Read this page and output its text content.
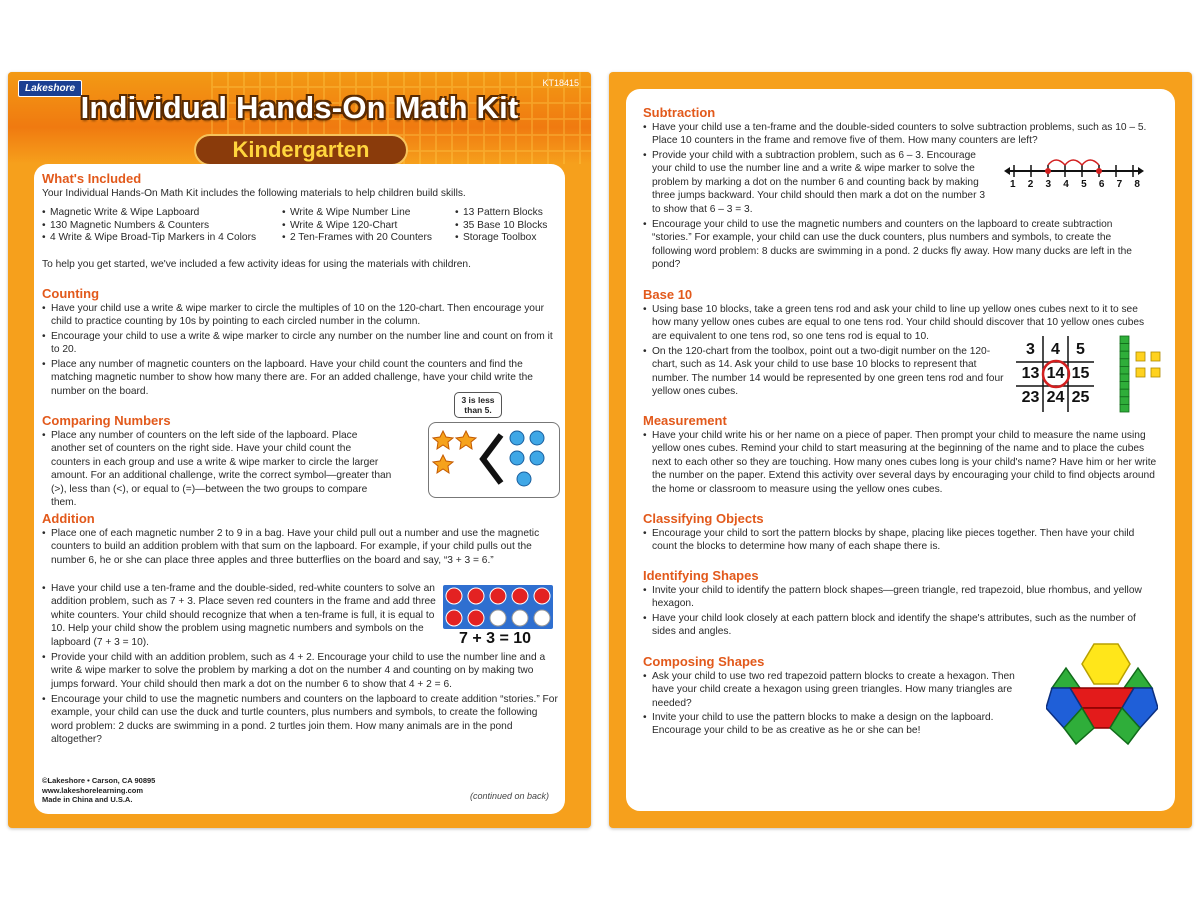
Lakeshore	KT18415
Individual Hands-On Math Kit
Kindergarten
What's Included
Your Individual Hands-On Math Kit includes the following materials to help children build skills.
• Magnetic Write & Wipe Lapboard
• 130 Magnetic Numbers & Counters
• 4 Write & Wipe Broad-Tip Markers in 4 Colors
• Write & Wipe Number Line
• Write & Wipe 120-Chart
• 2 Ten-Frames with 20 Counters
• 13 Pattern Blocks
• 35 Base 10 Blocks
• Storage Toolbox
To help you get started, we've included a few activity ideas for using the materials with children.
Counting
• Have your child use a write & wipe marker to circle the multiples of 10 on the 120-chart. Then encourage your child to practice counting by 10s by pointing to each circled number in the column.
• Encourage your child to use a write & wipe marker to circle any number on the number line and count on from it to 20.
• Place any number of magnetic counters on the lapboard. Have your child count the counters and find the matching magnetic number to show how many there are. For an added challenge, have your child write the number on the board.
Comparing Numbers
• Place any number of counters on the left side of the lapboard. Place another set of counters on the right side. Have your child count the counters in each group and use a write & wipe marker to circle the larger amount. For an additional challenge, write the correct symbol—greater than (>), less than (<), or equal to (=)—between the two groups to compare them.
3 is less than 5.
Addition
• Place one of each magnetic number 2 to 9 in a bag. Have your child pull out a number and use the magnetic counters to build an addition problem with that sum on the lapboard. For example, if your child pulls out the number 6, he or she can place three apples and three butterflies on the board and say, “3 + 3 = 6.”
• Have your child use a ten-frame and the double-sided, red-white counters to solve an addition problem, such as 7 + 3. Place seven red counters in the frame and add three white counters. Your child should recognize that when a ten-frame is full, it is equal to 10. Help your child show the problem using magnetic numbers and symbols on the lapboard (7 + 3 = 10).
• Provide your child with an addition problem, such as 4 + 2. Encourage your child to use the number line and a write & wipe marker to solve the problem by marking a dot on the number 4 and counting on by making two jumps forward. Your child should then mark a dot on the number 6 to show that 4 + 2 = 6.
• Encourage your child to use the magnetic numbers and counters on the lapboard to create addition “stories.” For example, your child can use the duck and turtle counters, plus numbers and symbols, to create the following word problem: 2 ducks are swimming in a pond. 2 turtles join them. How many animals are in the pond altogether?
7 + 3 = 10
©Lakeshore • Carson, CA 90895
www.lakeshorelearning.com
Made in China and U.S.A.	(continued on back)
Subtraction
• Have your child use a ten-frame and the double-sided counters to solve subtraction problems, such as 10 – 5. Place 10 counters in the frame and remove five of them. How many counters are left?
• Provide your child with a subtraction problem, such as 6 – 3. Encourage your child to use the number line and a write & wipe marker to solve the problem by marking a dot on the number 6 and counting back by making three jumps backward. Your child should then mark a dot on the number 3 to show that 6 – 3 = 3.
• Encourage your child to use the magnetic numbers and counters on the lapboard to create subtraction “stories.” For example, your child can use the duck counters, plus numbers and symbols, to create the following word problem: 8 ducks are swimming in a pond. 2 ducks fly away. How many ducks are left in the pond?
1 2 3 4 5 6 7 8
Base 10
• Using base 10 blocks, take a green tens rod and ask your child to line up yellow ones cubes next to it to see how many yellow ones cubes are equal to one tens rod. Your child should discover that 10 yellow ones cubes are equivalent to one tens rod, so one tens rod is equal to 10.
• On the 120-chart from the toolbox, point out a two-digit number on the 120-chart, such as 14. Ask your child to use base 10 blocks to represent that number. The number 14 would be represented by one green tens rod and four yellow ones cubes.
3	4	5
13 14 15
23 24 25
Measurement
• Have your child write his or her name on a piece of paper. Then prompt your child to measure the name using yellow ones cubes. Remind your child to start measuring at the beginning of the name and to place the cubes next to each other so they are touching. How many ones cubes long is your child's name? Have him or her write the number on the paper. Extend this activity over several days by encouraging your child to find objects around the home or classroom to measure using the yellow ones cubes.
Classifying Objects
• Encourage your child to sort the pattern blocks by shape, placing like pieces together. Then have your child count the blocks to determine how many of each shape there is.
Identifying Shapes
• Invite your child to identify the pattern block shapes—green triangle, red trapezoid, blue rhombus, and yellow hexagon.
• Have your child look closely at each pattern block and identify the shape's attributes, such as the number of sides and angles.
Composing Shapes
• Ask your child to use two red trapezoid pattern blocks to create a hexagon. Then have your child create a hexagon using green triangles. How many triangles are needed?
• Invite your child to use the pattern blocks to make a design on the lapboard. Encourage your child to be as creative as he or she can be!
